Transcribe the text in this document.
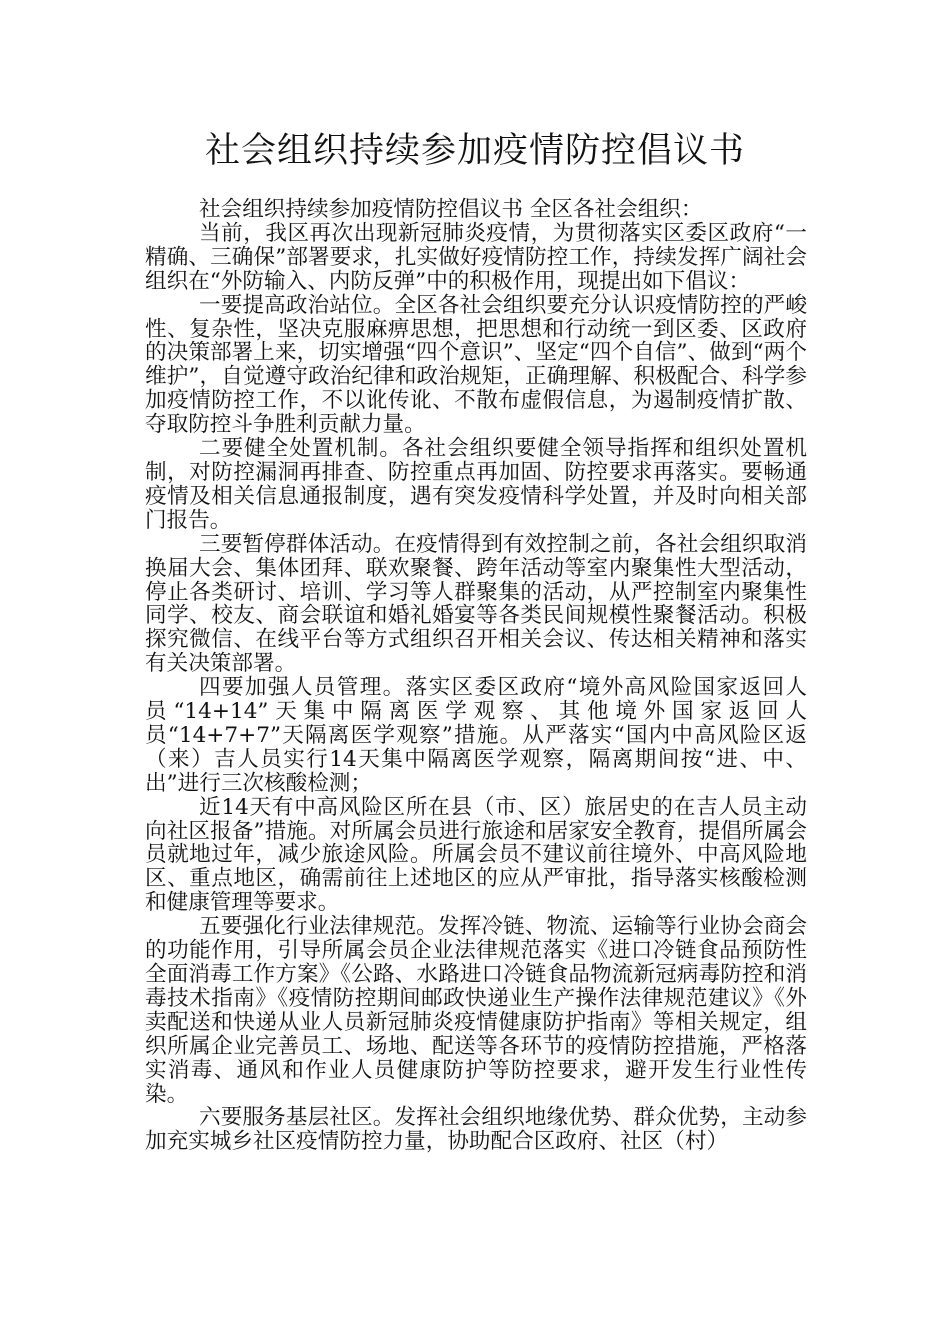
社会组织持续参加疫情防控倡议书

社会组织持续参加疫情防控倡议书 全区各社会组织：

当前，我区再次出现新冠肺炎疫情，为贯彻落实区委区政府“一精确、三确保”部署要求，扎实做好疫情防控工作，持续发挥广阔社会组织在“外防输入、内防反弹”中的积极作用，现提出如下倡议：

一要提高政治站位。全区各社会组织要充分认识疫情防控的严峻性、复杂性，坚决克服麻痹思想，把思想和行动统一到区委、区政府的决策部署上来，切实增强“四个意识”、坚定“四个自信”、做到“两个维护”，自觉遵守政治纪律和政治规矩，正确理解、积极配合、科学参加疫情防控工作，不以讹传讹、不散布虚假信息，为遏制疫情扩散、夺取防控斗争胜利贡献力量。

二要健全处置机制。各社会组织要健全领导指挥和组织处置机制，对防控漏洞再排查、防控重点再加固、防控要求再落实。要畅通疫情及相关信息通报制度，遇有突发疫情科学处置，并及时向相关部门报告。

三要暂停群体活动。在疫情得到有效控制之前，各社会组织取消换届大会、集体团拜、联欢聚餐、跨年活动等室内聚集性大型活动，停止各类研讨、培训、学习等人群聚集的活动，从严控制室内聚集性同学、校友、商会联谊和婚礼婚宴等各类民间规模性聚餐活动。积极探究微信、在线平台等方式组织召开相关会议、传达相关精神和落实有关决策部署。

四要加强人员管理。落实区委区政府“境外高风险国家返回人员“14+14”天集中隔离医学观察、其他境外国家返回人员“14+7+7”天隔离医学观察”措施。从严落实“国内中高风险区返（来）吉人员实行14天集中隔离医学观察，隔离期间按“进、中、出”进行三次核酸检测；

近14天有中高风险区所在县（市、区）旅居史的在吉人员主动向社区报备”措施。对所属会员进行旅途和居家安全教育，提倡所属会员就地过年，减少旅途风险。所属会员不建议前往境外、中高风险地区、重点地区，确需前往上述地区的应从严审批，指导落实核酸检测和健康管理等要求。

五要强化行业法律规范。发挥冷链、物流、运输等行业协会商会的功能作用，引导所属会员企业法律规范落实《进口冷链食品预防性全面消毒工作方案》《公路、水路进口冷链食品物流新冠病毒防控和消毒技术指南》《疫情防控期间邮政快递业生产操作法律规范建议》《外卖配送和快递从业人员新冠肺炎疫情健康防护指南》等相关规定，组织所属企业完善员工、场地、配送等各环节的疫情防控措施，严格落实消毒、通风和作业人员健康防护等防控要求，避开发生行业性传染。

六要服务基层社区。发挥社会组织地缘优势、群众优势，主动参加充实城乡社区疫情防控力量，协助配合区政府、社区（村）
